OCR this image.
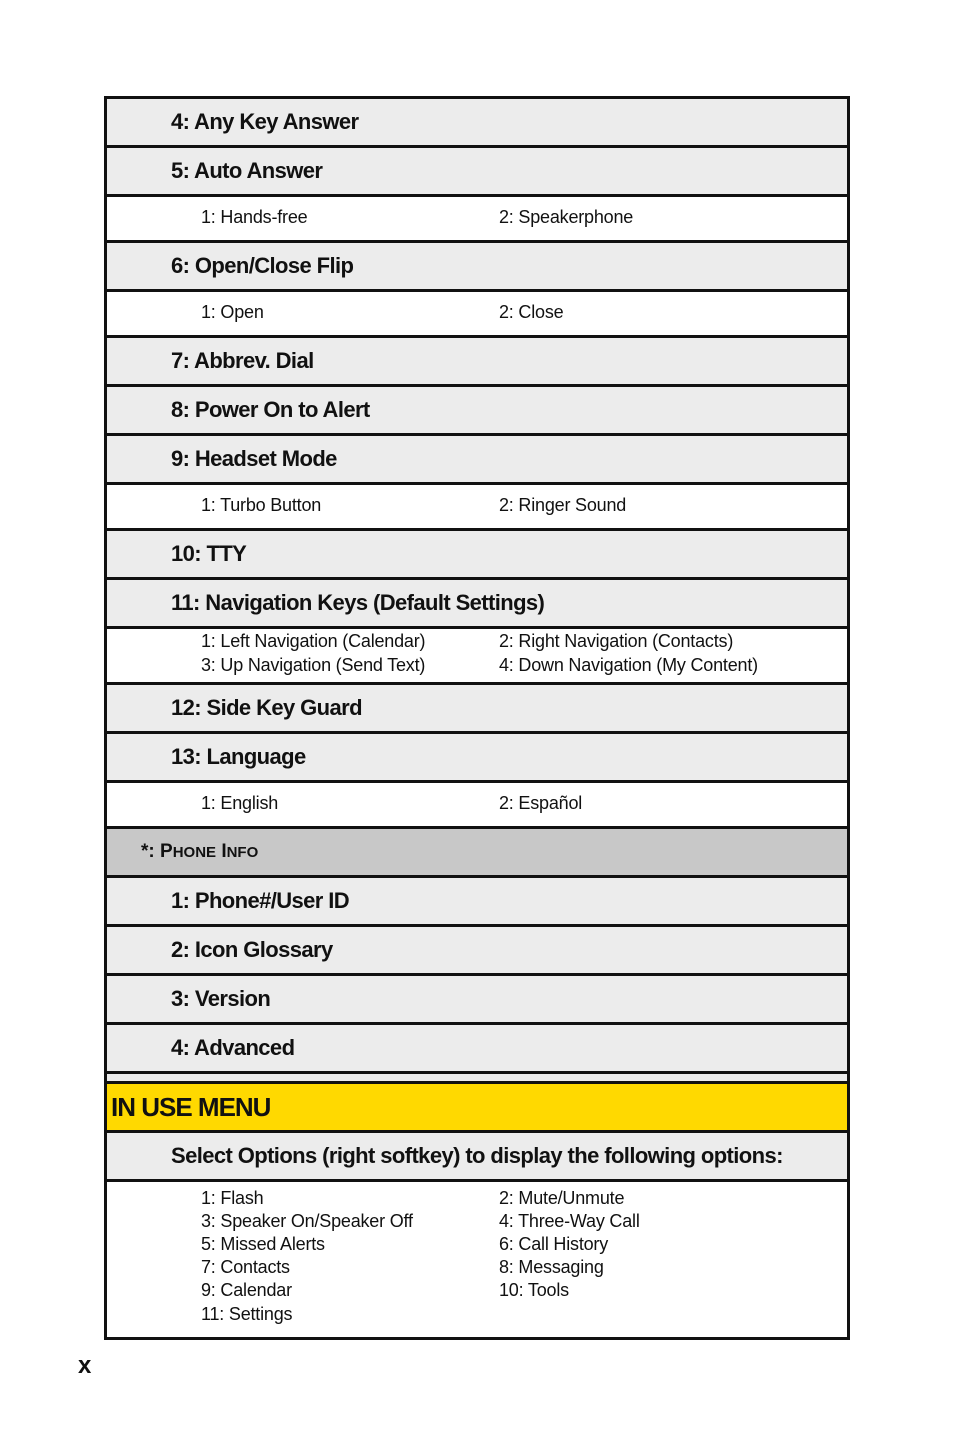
4: Any Key Answer
5: Auto Answer
1: Hands-free	2: Speakerphone
6: Open/Close Flip
1: Open	2: Close
7: Abbrev. Dial
8: Power On to Alert
9: Headset Mode
1: Turbo Button	2: Ringer Sound
10: TTY
11: Navigation Keys (Default Settings)
1: Left Navigation (Calendar)	2: Right Navigation (Contacts)
3: Up Navigation (Send Text)	4: Down Navigation (My Content)
12: Side Key Guard
13: Language
1: English	2: Español
*: PHONE INFO
1: Phone#/User ID
2: Icon Glossary
3: Version
4: Advanced
IN USE MENU
Select Options (right softkey) to display the following options:
1: Flash	2: Mute/Unmute
3: Speaker On/Speaker Off	4: Three-Way Call
5: Missed Alerts	6: Call History
7: Contacts	8: Messaging
9: Calendar	10: Tools
11: Settings
x
